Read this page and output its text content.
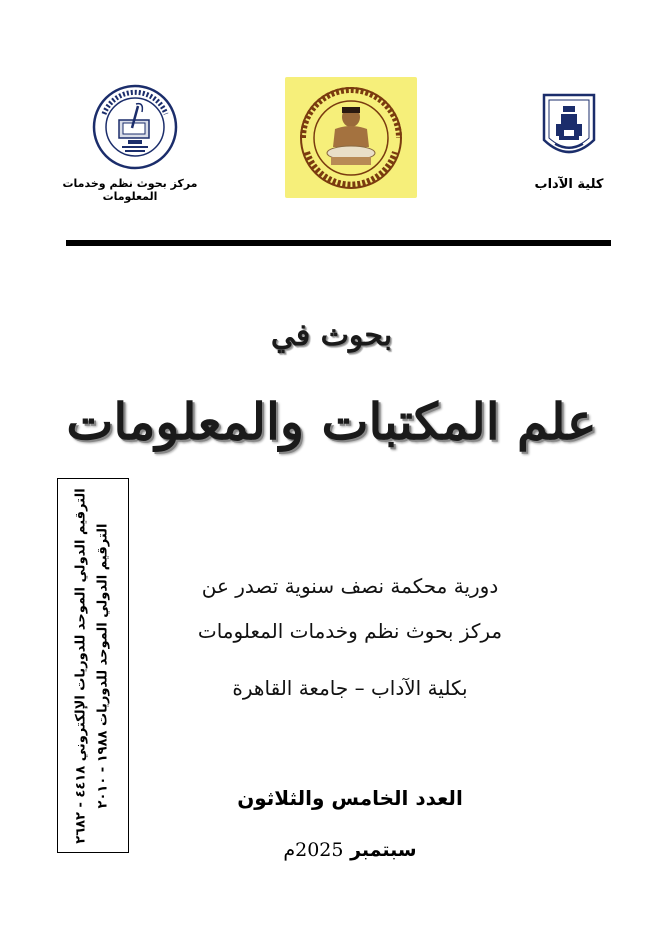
مركز بحوث نظم وخدمات المعلومات
كلية الآداب
بحوث في
علم المكتبات والمعلومات
الترقيم الدولي الموحد للدوريات ١٩٨٨ - ٢٠١٠
الترقيم الدولي الموحد للدوريات الإلكتروني ٤٤١٨ - ٢٦٨٢	دورية محكمة نصف سنوية تصدر عن
مركز بحوث نظم وخدمات المعلومات
بكلية الآداب – جامعة القاهرة
العدد الخامس والثلاثون
سبتمبر 2025م
